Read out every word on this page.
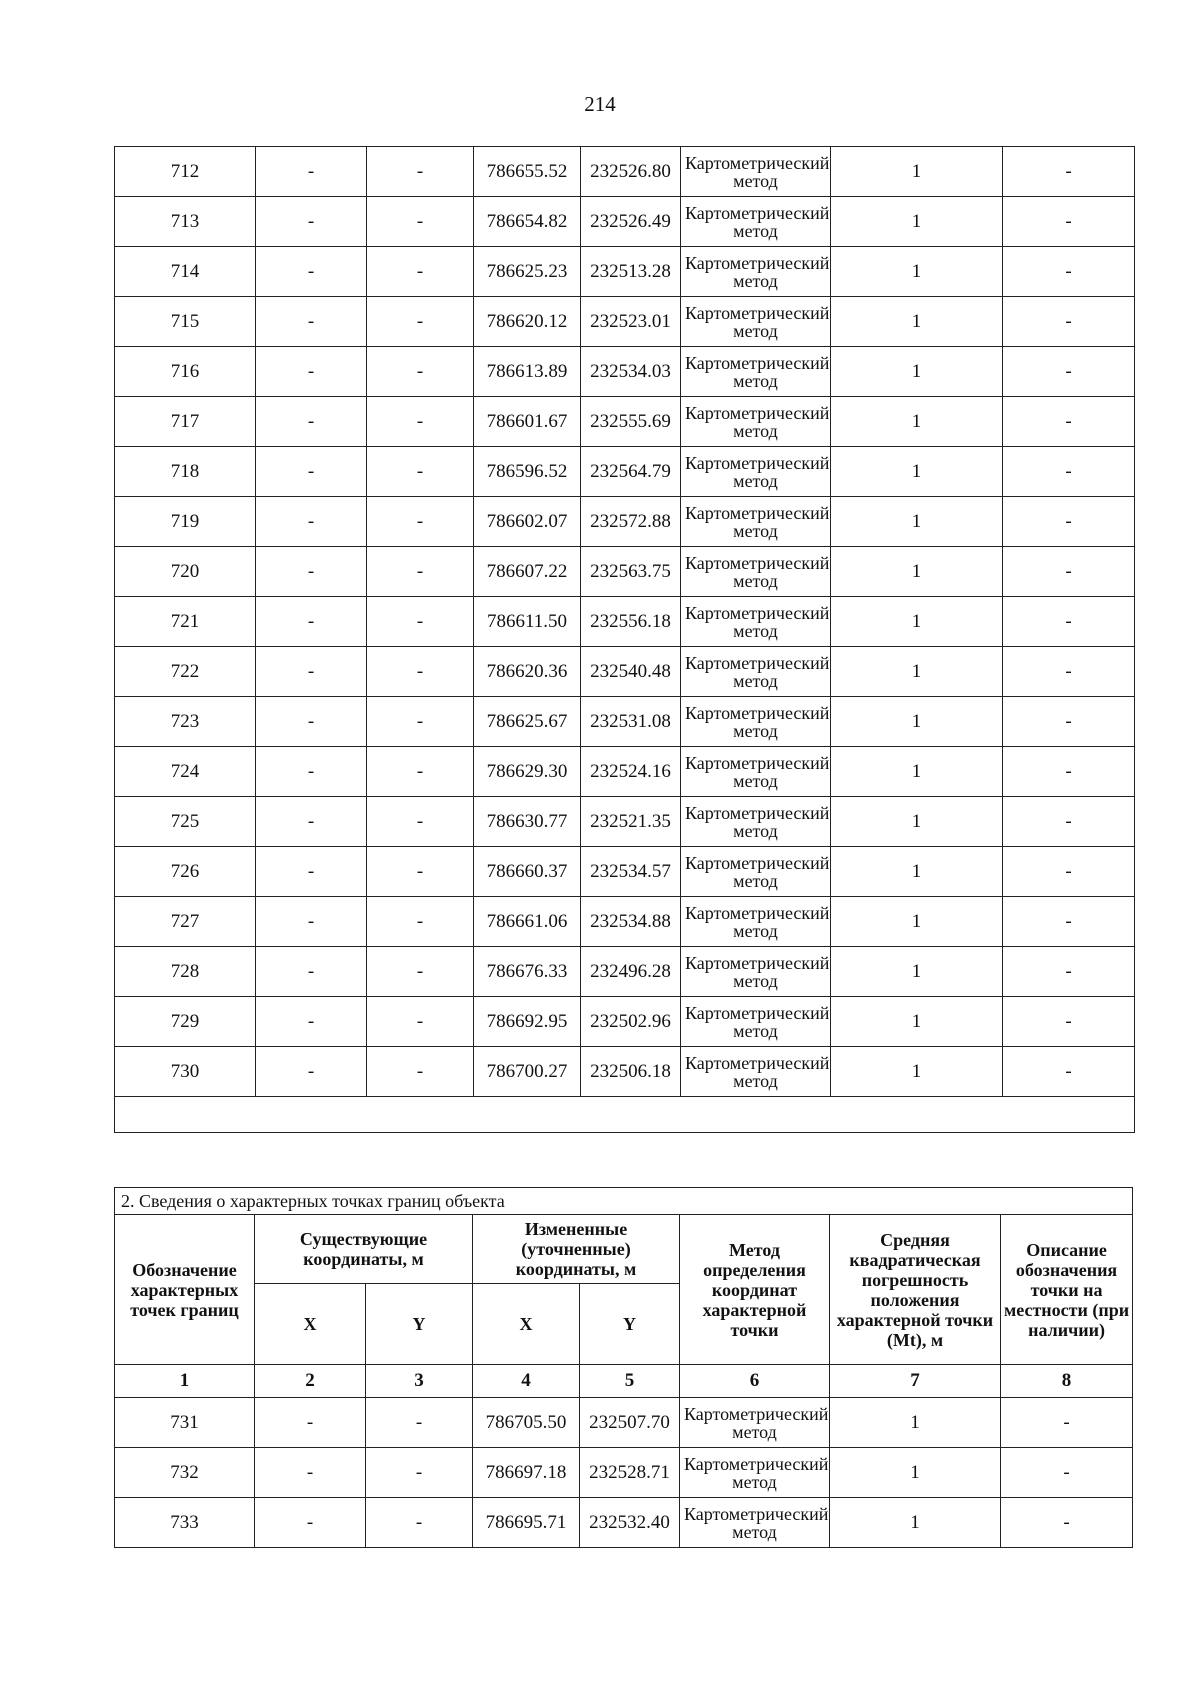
214
712	-	-	786655.52	232526.80	Картометрический метод	1	-
713	-	-	786654.82	232526.49	Картометрический метод	1	-
714	-	-	786625.23	232513.28	Картометрический метод	1	-
715	-	-	786620.12	232523.01	Картометрический метод	1	-
716	-	-	786613.89	232534.03	Картометрический метод	1	-
717	-	-	786601.67	232555.69	Картометрический метод	1	-
718	-	-	786596.52	232564.79	Картометрический метод	1	-
719	-	-	786602.07	232572.88	Картометрический метод	1	-
720	-	-	786607.22	232563.75	Картометрический метод	1	-
721	-	-	786611.50	232556.18	Картометрический метод	1	-
722	-	-	786620.36	232540.48	Картометрический метод	1	-
723	-	-	786625.67	232531.08	Картометрический метод	1	-
724	-	-	786629.30	232524.16	Картометрический метод	1	-
725	-	-	786630.77	232521.35	Картометрический метод	1	-
726	-	-	786660.37	232534.57	Картометрический метод	1	-
727	-	-	786661.06	232534.88	Картометрический метод	1	-
728	-	-	786676.33	232496.28	Картометрический метод	1	-
729	-	-	786692.95	232502.96	Картометрический метод	1	-
730	-	-	786700.27	232506.18	Картометрический метод	1	-

2. Сведения о характерных точках границ объекта							
Обозначение характерных точек границ	Существующие координаты, м		Измененные (уточненные) координаты, м		Метод определения координат характерной точки	Средняя квадратическая погрешность положения характерной точки (Mt), м	Описание обозначения точки на местности (при наличии)
	X	Y	X	Y			
1	2	3	4	5	6	7	8
731	-	-	786705.50	232507.70	Картометрический метод	1	-
732	-	-	786697.18	232528.71	Картометрический метод	1	-
733	-	-	786695.71	232532.40	Картометрический метод	1	-
